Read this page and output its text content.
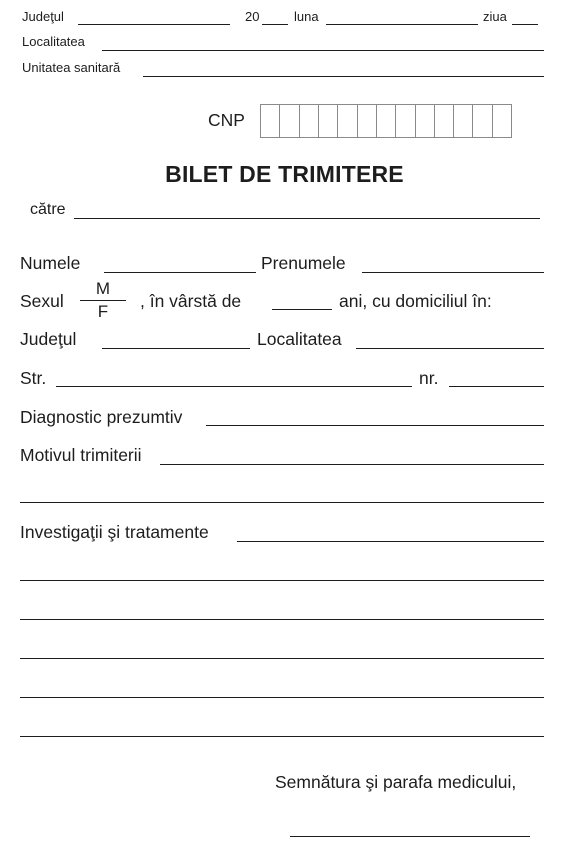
Judeţul	20	luna	ziua
Localitatea
Unitatea sanitară
CNP
BILET DE TRIMITERE
către
Numele	Prenumele
Sexul
M
F
, în vârstă de	ani, cu domiciliul în:
Judeţul	Localitatea
Str.	nr.
Diagnostic prezumtiv
Motivul trimiterii
Investigaţii şi tratamente
Semnătura şi parafa medicului,
